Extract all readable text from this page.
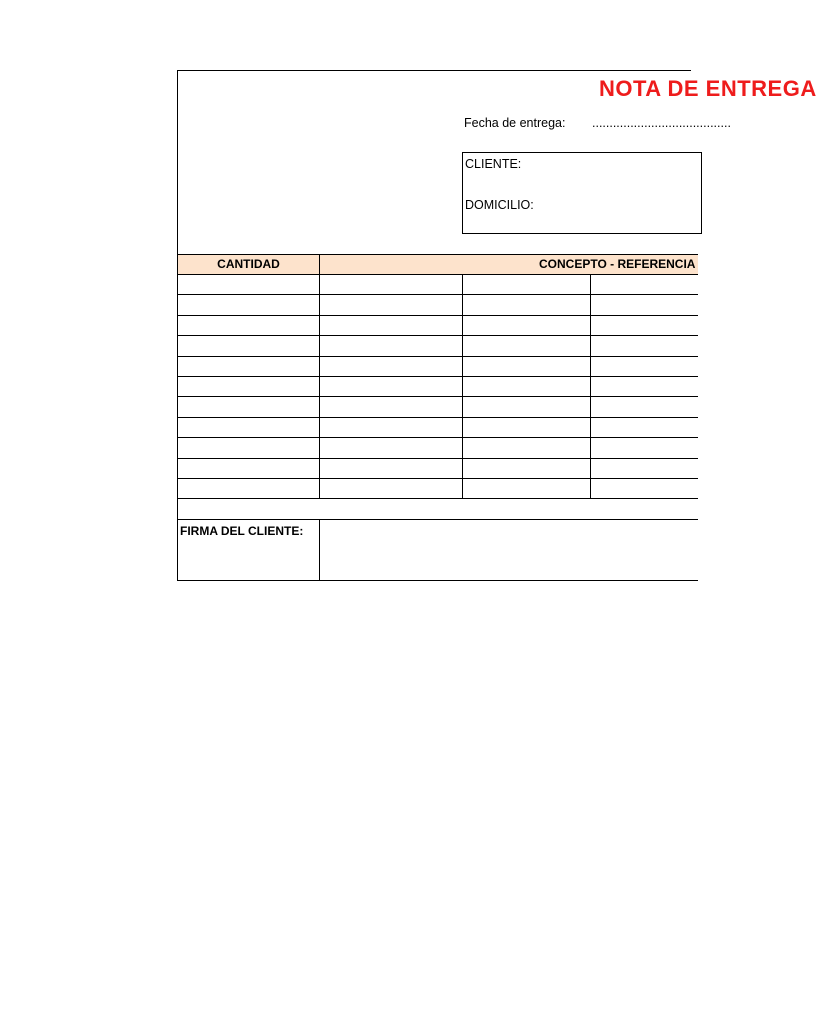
NOTA DE ENTREGA
Fecha de entrega: ........................................
CLIENTE:
DOMICILIO:
CANTIDAD	CONCEPTO - REFERENCIA
FIRMA DEL CLIENTE:
